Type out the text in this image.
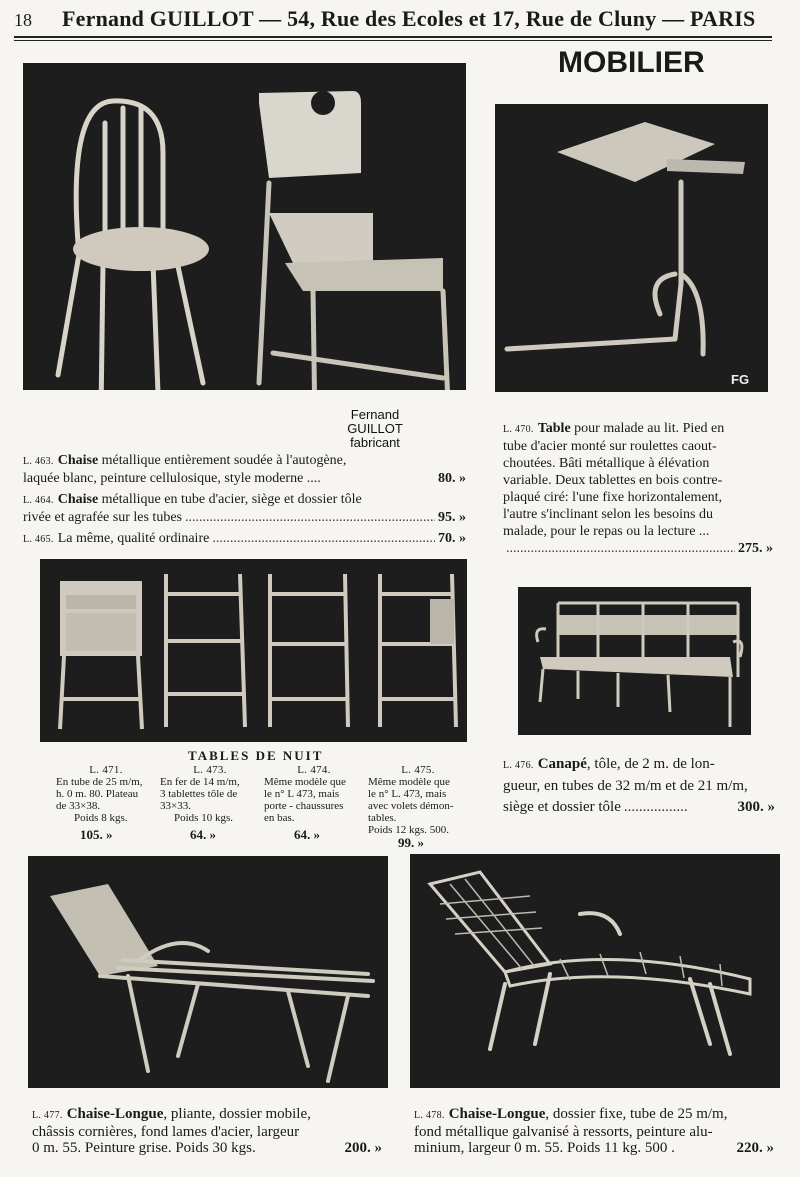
18 Fernand GUILLOT — 54, Rue des Ecoles et 17, Rue de Cluny — PARIS
MOBILIER
Fernand GUILLOT
fabricant
FG
L. 463. Chaise métallique entièrement soudée à l'autogène,
laquée blanc, peinture cellulosique, style moderne ....	80. »
L. 464. Chaise métallique en tube d'acier, siège et dossier tôle
rivée et agrafée sur les tubes .....	95. »
L. 465. La même, qualité ordinaire .....	70. »
L. 470. Table pour malade au lit. Pied en
tube d'acier monté sur roulettes caout-
choutées. Bâti métallique à élévation
variable. Deux tablettes en bois contre-
plaqué ciré: l'une fixe horizontalement,
l'autre s'inclinant selon les besoins du
malade, pour le repas ou la lecture ...
.....
275. »
TABLES DE NUIT
L. 471.
En tube de 25 m/m,
h. 0 m. 80. Plateau
de 33×38.
Poids 8 kgs.
105. »
L. 473.
En fer de 14 m/m,
3 tablettes tôle de
33×33.
Poids 10 kgs.
64. »
L. 474.
Même modèle que
le n° L 473, mais
porte - chaussures
en bas.
64. »
L. 475.
Même modèle que
le n° L. 473, mais
avec volets démon-
tables.
Poids 12 kgs. 500.
99. »
L. 476. Canapé, tôle, de 2 m. de lon-
gueur, en tubes de 32 m/m et de 21 m/m,
siège et dossier tôle .....	300. »
L. 477. Chaise-Longue, pliante, dossier mobile,
châssis cornières, fond lames d'acier, largeur
0 m. 55. Peinture grise. Poids 30 kgs.	200. »
L. 478. Chaise-Longue, dossier fixe, tube de 25 m/m,
fond métallique galvanisé à ressorts, peinture alu-
minium, largeur 0 m. 55. Poids 11 kg. 500 .	220. »
